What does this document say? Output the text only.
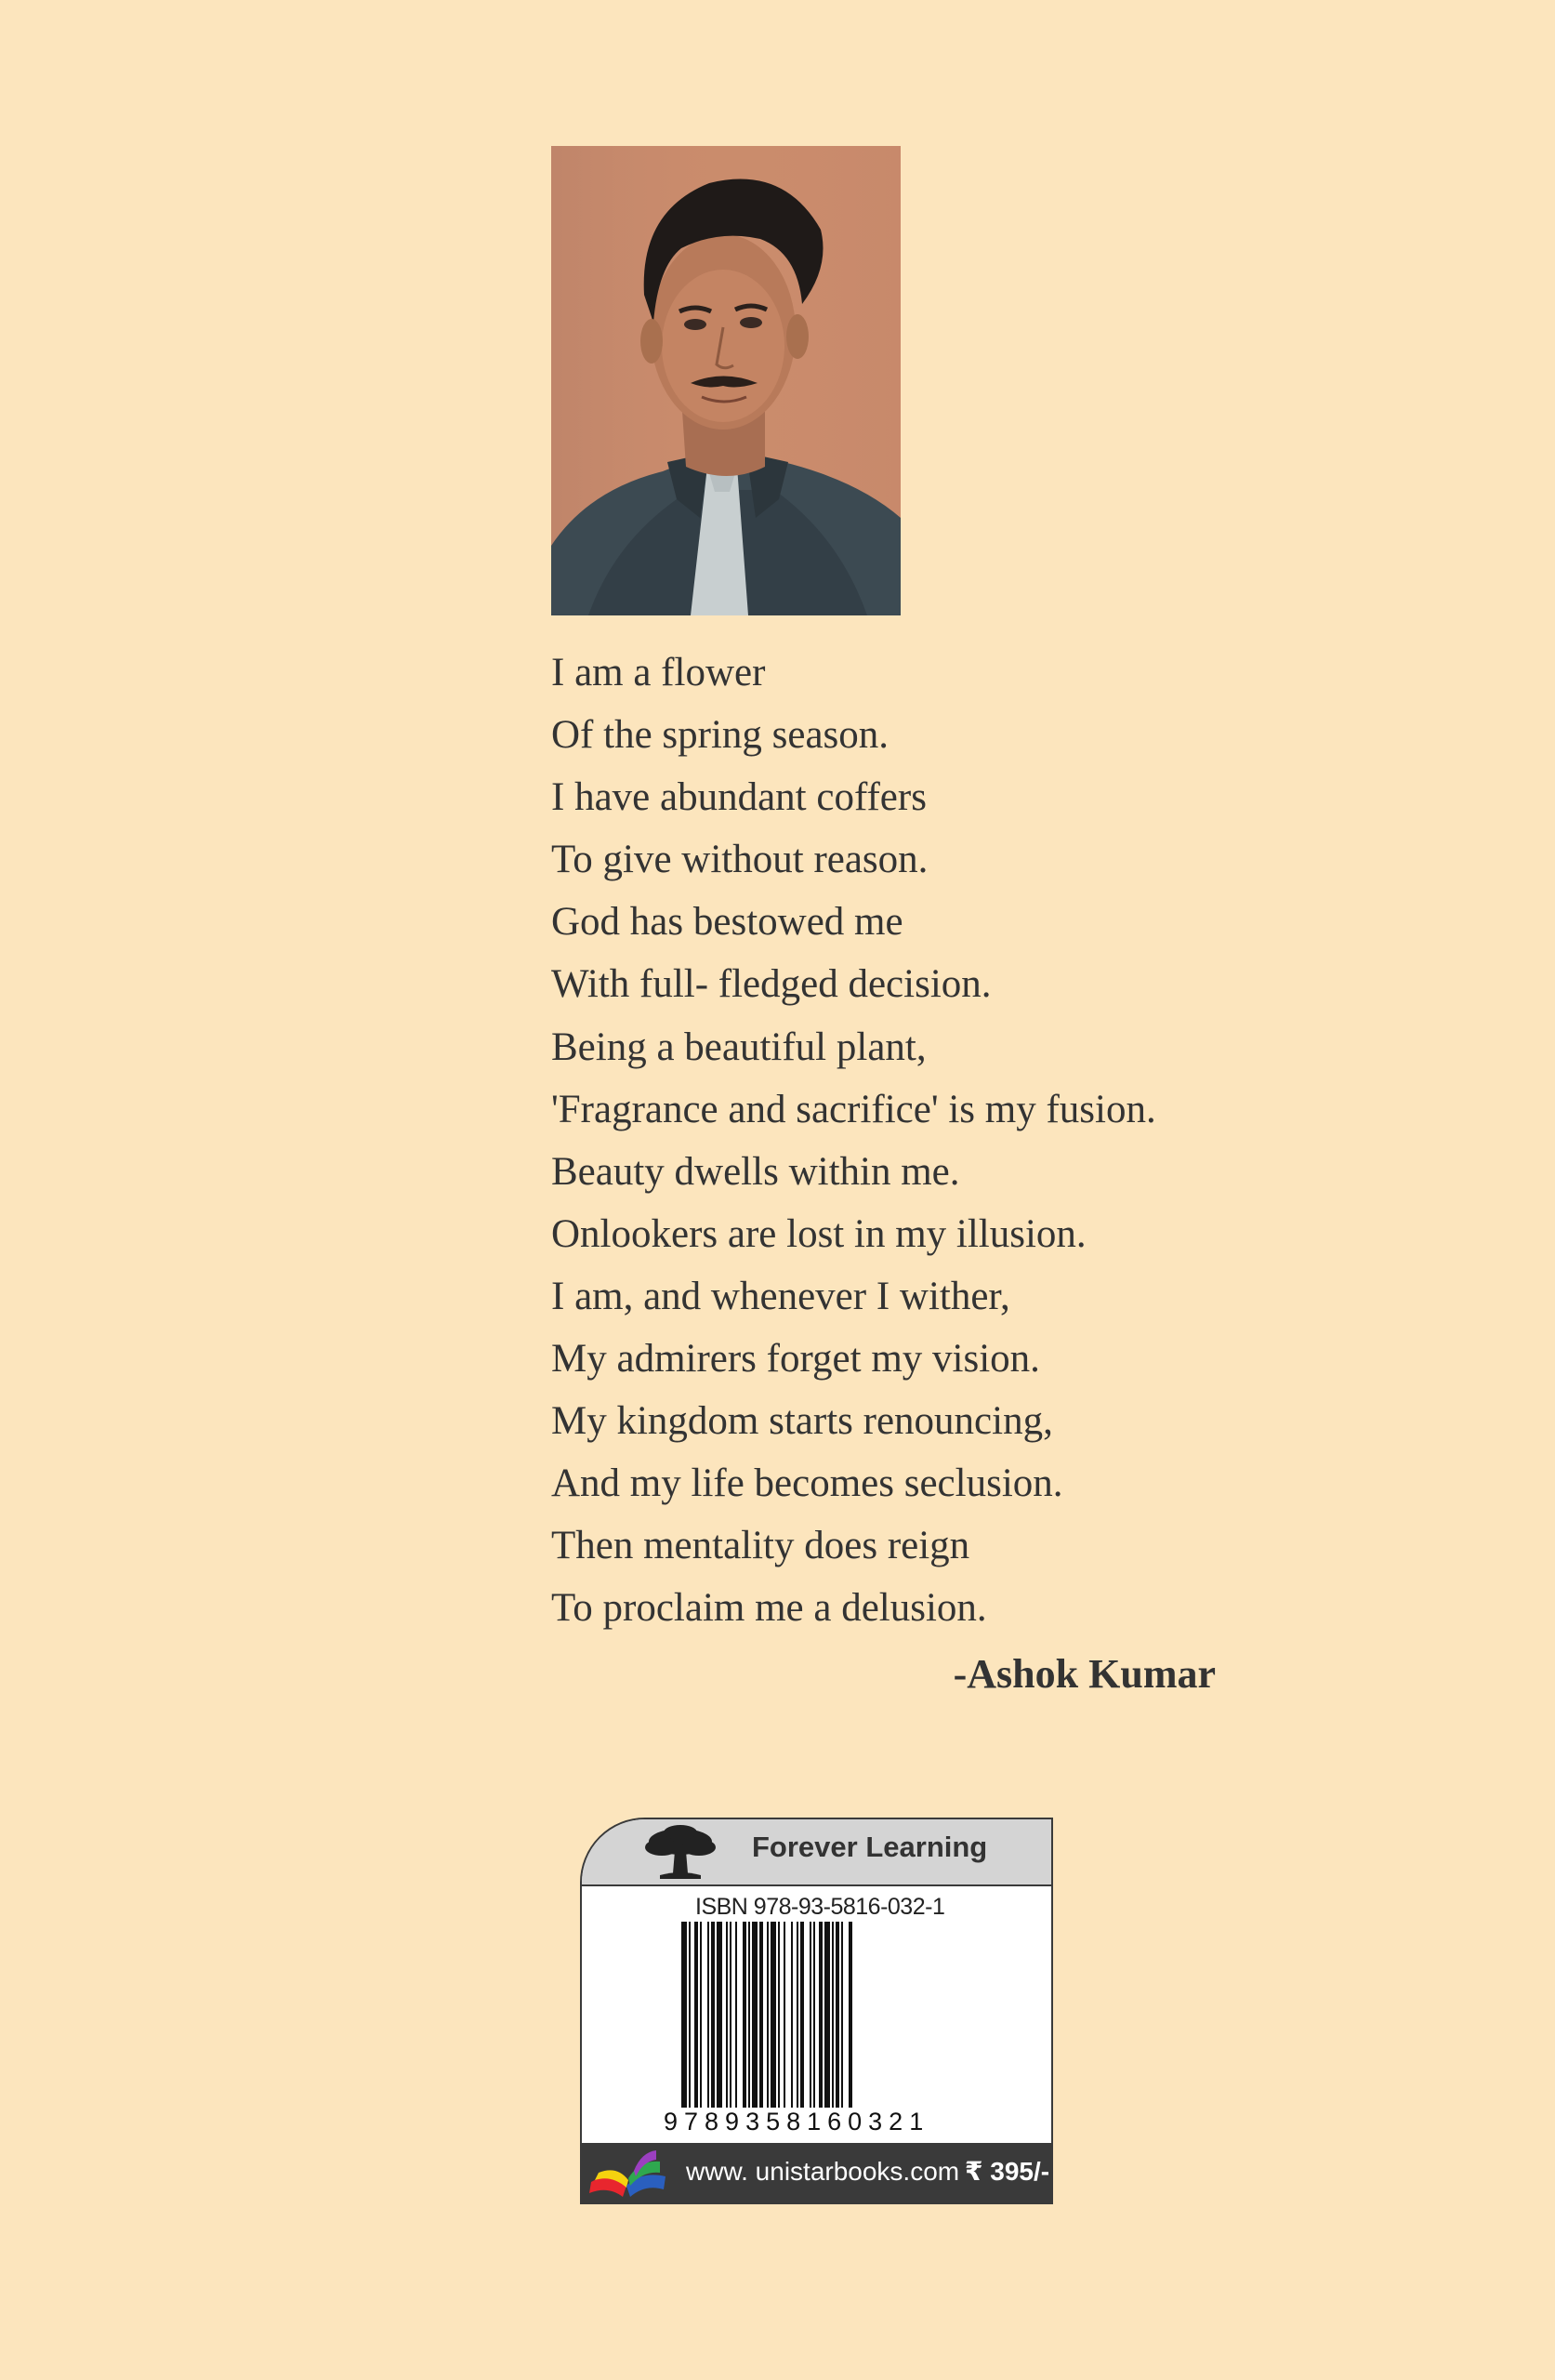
I am a flower
Of the spring season.
I have abundant coffers
To give without reason.
God has bestowed me
With full- fledged decision.
Being a beautiful plant,
'Fragrance and sacrifice' is my fusion.
Beauty dwells within me.
Onlookers are lost in my illusion.
I am, and whenever I wither,
My admirers forget my vision.
My kingdom starts renouncing,
And my life becomes seclusion.
Then mentality does reign
To proclaim me a delusion.
-Ashok Kumar
Forever Learning
ISBN 978-93-5816-032-1
9789358160321
www. unistarbooks.com ₹ 395/-
